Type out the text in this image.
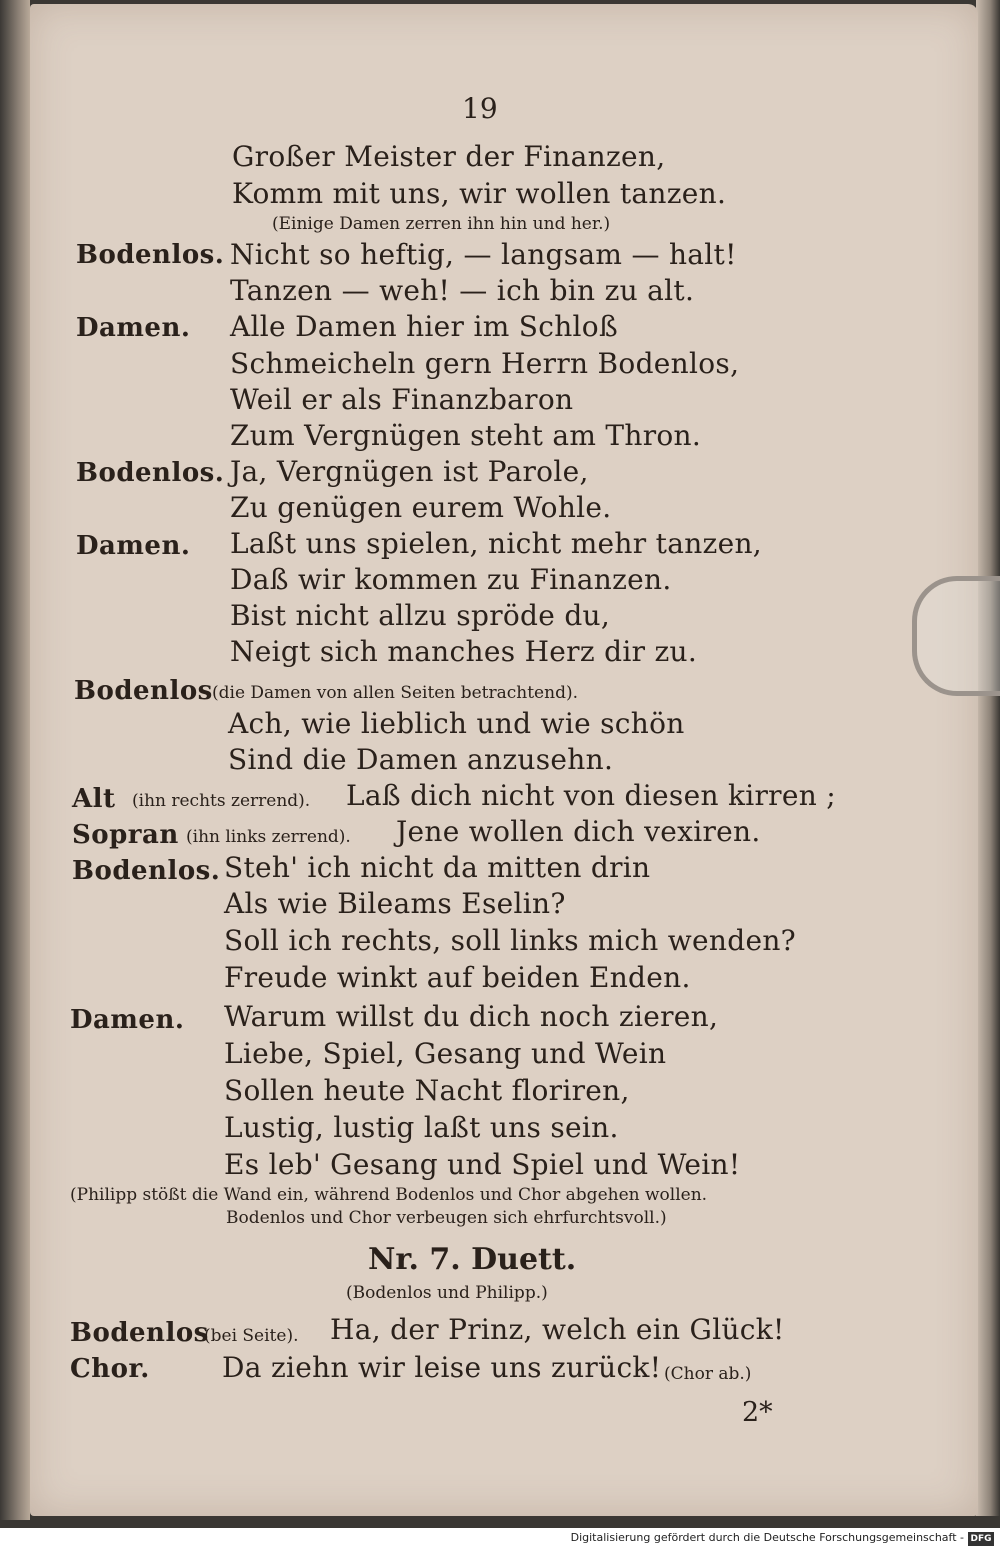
19
Großer Meister der Finanzen,
Komm mit uns, wir wollen tanzen.
(Einige Damen zerren ihn hin und her.)
Bodenlos. Nicht so heftig, — langsam — halt!
Tanzen — weh! — ich bin zu alt.
Damen. Alle Damen hier im Schloß
Schmeicheln gern Herrn Bodenlos,
Weil er als Finanzbaron
Zum Vergnügen steht am Thron.
Bodenlos. Ja, Vergnügen ist Parole,
Zu genügen eurem Wohle.
Damen. Laßt uns spielen, nicht mehr tanzen,
Daß wir kommen zu Finanzen.
Bist nicht allzu spröde du,
Neigt sich manches Herz dir zu.
Bodenlos (die Damen von allen Seiten betrachtend).
Ach, wie lieblich und wie schön
Sind die Damen anzusehn.
Alt (ihn rechts zerrend). Laß dich nicht von diesen kirren ;
Sopran (ihn links zerrend). Jene wollen dich vexiren.
Bodenlos. Steh' ich nicht da mitten drin
Als wie Bileams Eselin?
Soll ich rechts, soll links mich wenden?
Freude winkt auf beiden Enden.
Damen. Warum willst du dich noch zieren,
Liebe, Spiel, Gesang und Wein
Sollen heute Nacht floriren,
Lustig, lustig laßt uns sein.
Es leb' Gesang und Spiel und Wein!
(Philipp stößt die Wand ein, während Bodenlos und Chor abgehen wollen.
Bodenlos und Chor verbeugen sich ehrfurchtsvoll.)
Nr. 7. Duett.
(Bodenlos und Philipp.)
Bodenlos
(bei Seite). Ha, der Prinz, welch ein Glück!
Chor.	Da ziehn wir leise uns zurück! (Chor ab.)
2*
Digitalisierung gefördert durch die Deutsche Forschungsgemeinschaft - DFG
